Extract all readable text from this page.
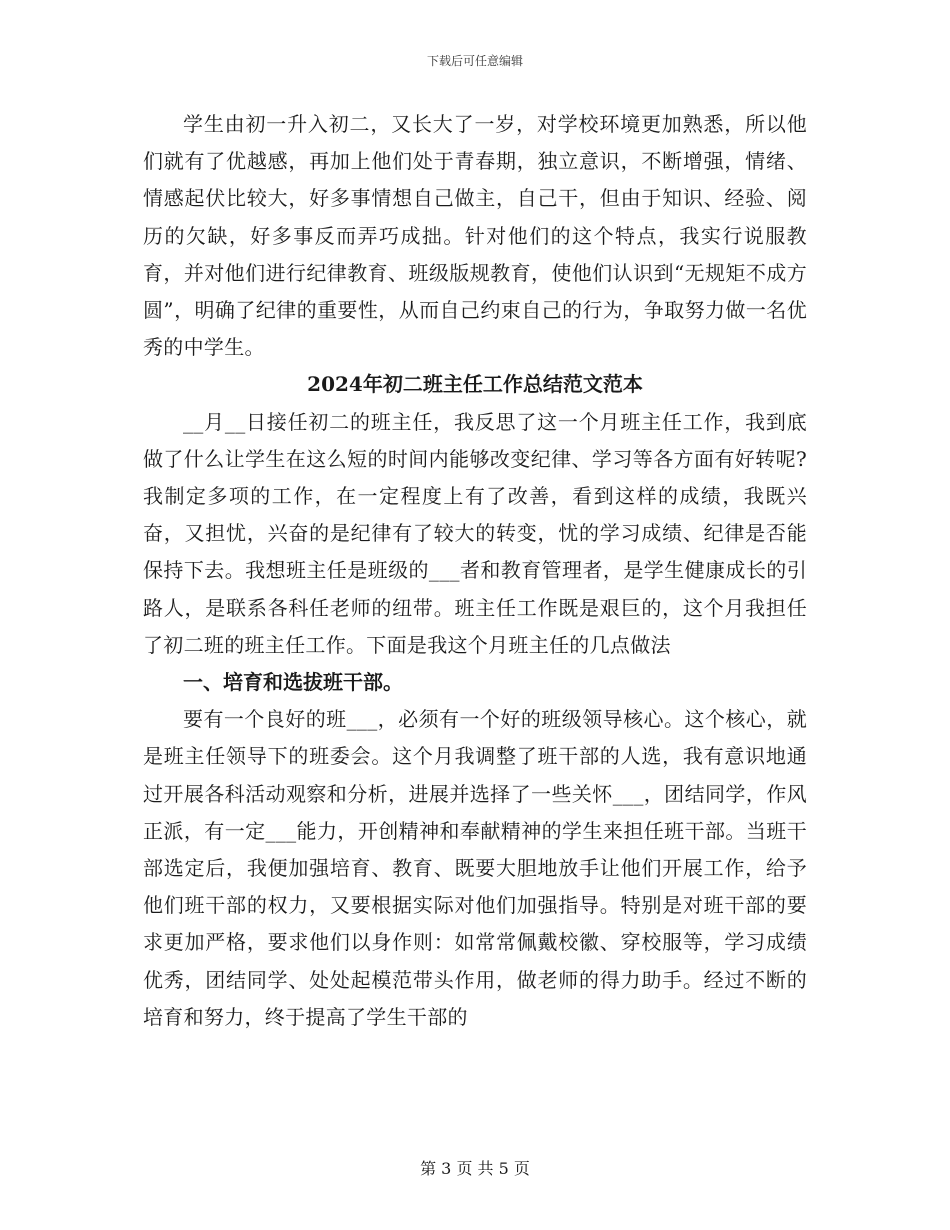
下载后可任意编辑

学生由初一升入初二，又长大了一岁，对学校环境更加熟悉，所以他们就有了优越感，再加上他们处于青春期，独立意识，不断增强，情绪、情感起伏比较大，好多事情想自己做主，自己干，但由于知识、经验、阅历的欠缺，好多事反而弄巧成拙。针对他们的这个特点，我实行说服教育，并对他们进行纪律教育、班级版规教育，使他们认识到“无规矩不成方圆”，明确了纪律的重要性，从而自己约束自己的行为，争取努力做一名优秀的中学生。

2024年初二班主任工作总结范文范本

__月__日接任初二的班主任，我反思了这一个月班主任工作，我到底做了什么让学生在这么短的时间内能够改变纪律、学习等各方面有好转呢?我制定多项的工作，在一定程度上有了改善，看到这样的成绩，我既兴奋，又担忧，兴奋的是纪律有了较大的转变，忧的学习成绩、纪律是否能保持下去。我想班主任是班级的___者和教育管理者，是学生健康成长的引路人，是联系各科任老师的纽带。班主任工作既是艰巨的，这个月我担任了初二班的班主任工作。下面是我这个月班主任的几点做法

一、培育和选拔班干部。

要有一个良好的班___，必须有一个好的班级领导核心。这个核心，就是班主任领导下的班委会。这个月我调整了班干部的人选，我有意识地通过开展各科活动观察和分析，进展并选择了一些关怀___，团结同学，作风正派，有一定___能力，开创精神和奉献精神的学生来担任班干部。当班干部选定后，我便加强培育、教育、既要大胆地放手让他们开展工作，给予他们班干部的权力，又要根据实际对他们加强指导。特别是对班干部的要求更加严格，要求他们以身作则：如常常佩戴校徽、穿校服等，学习成绩优秀，团结同学、处处起模范带头作用，做老师的得力助手。经过不断的培育和努力，终于提高了学生干部的

第 3 页 共 5 页
